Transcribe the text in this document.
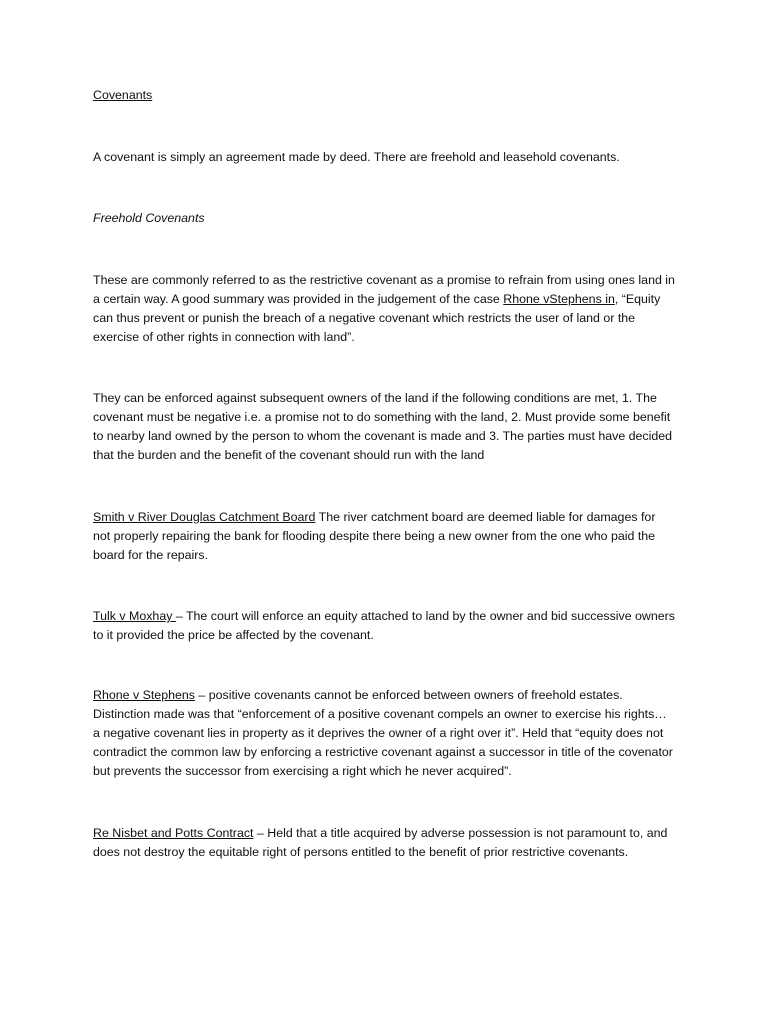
Covenants

A covenant is simply an agreement made by deed. There are freehold and leasehold covenants.

Freehold Covenants

These are commonly referred to as the restrictive covenant as a promise to refrain from using ones land in a certain way. A good summary was provided in the judgement of the case Rhone vStephens in, “Equity can thus prevent or punish the breach of a negative covenant which restricts the user of land or the exercise of other rights in connection with land”.

They can be enforced against subsequent owners of the land if the following conditions are met, 1. The covenant must be negative i.e. a promise not to do something with the land, 2. Must provide some benefit to nearby land owned by the person to whom the covenant is made and 3. The parties must have decided that the burden and the benefit of the covenant should run with the land

Smith v River Douglas Catchment Board The river catchment board are deemed liable for damages for not properly repairing the bank for flooding despite there being a new owner from the one who paid the board for the repairs.

Tulk v Moxhay – The court will enforce an equity attached to land by the owner and bid successive owners to it provided the price be affected by the covenant.

Rhone v Stephens – positive covenants cannot be enforced between owners of freehold estates. Distinction made was that “enforcement of a positive covenant compels an owner to exercise his rights… a negative covenant lies in property as it deprives the owner of a right over it”. Held that “equity does not contradict the common law by enforcing a restrictive covenant against a successor in title of the covenator but prevents the successor from exercising a right which he never acquired”.

Re Nisbet and Potts Contract – Held that a title acquired by adverse possession is not paramount to, and does not destroy the equitable right of persons entitled to the benefit of prior restrictive covenants.
